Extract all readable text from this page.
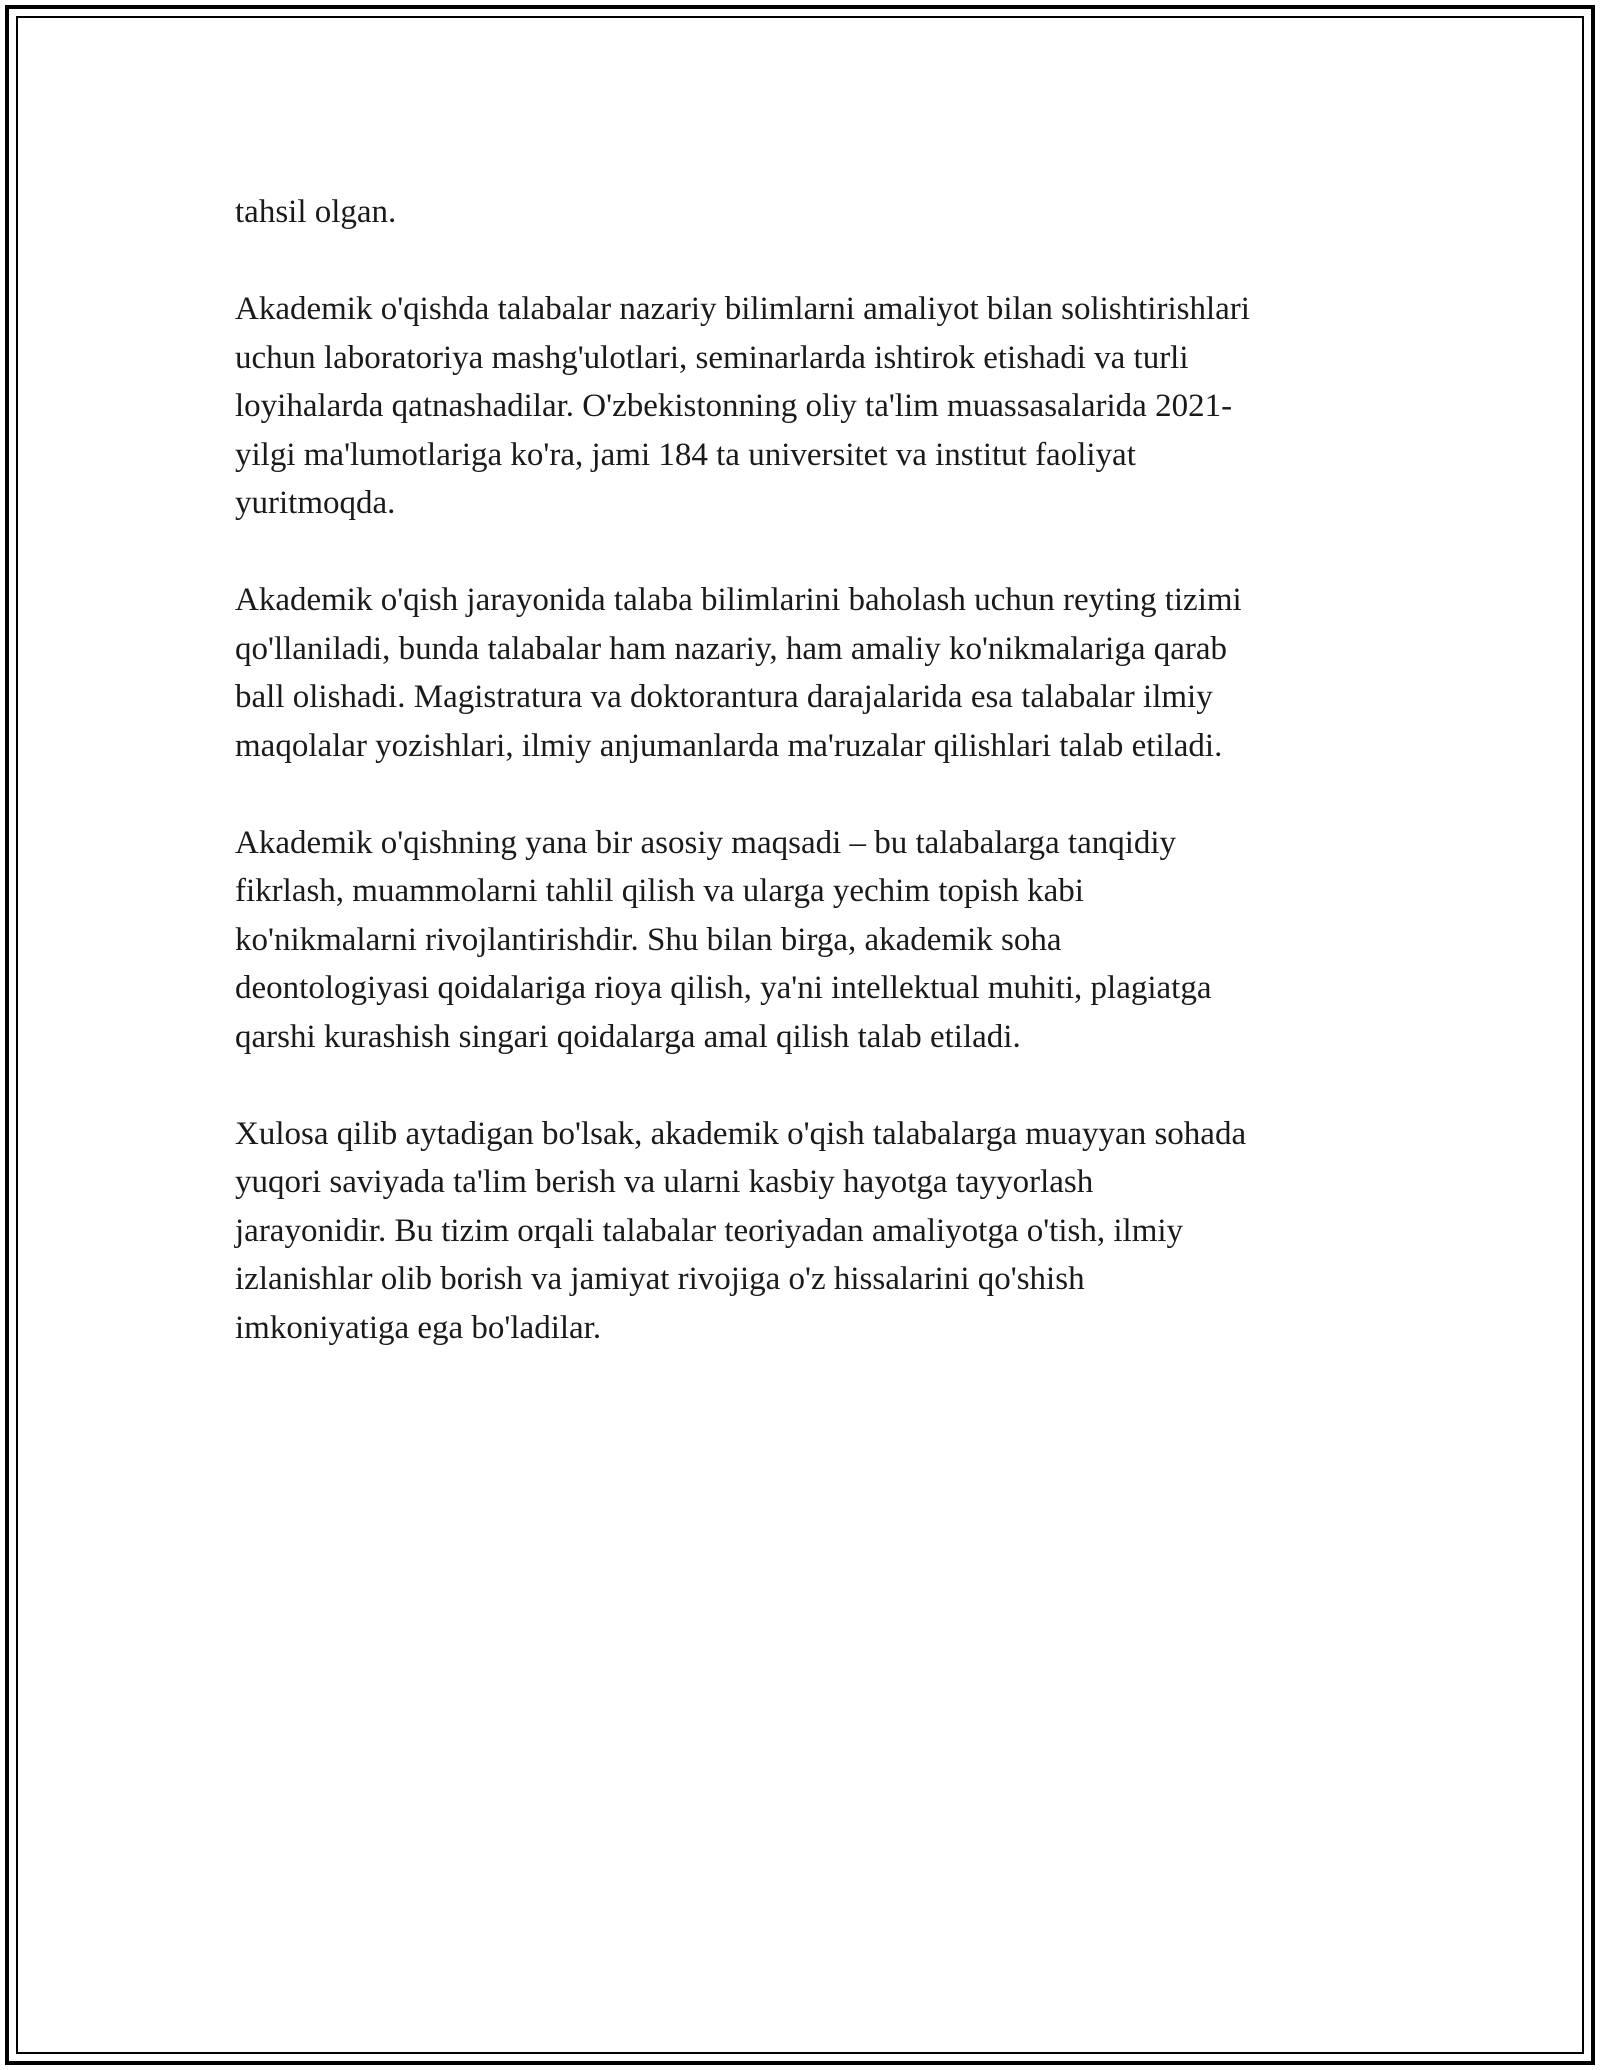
tahsil olgan.

Akademik o'qishda talabalar nazariy bilimlarni amaliyot bilan solishtirishlari
uchun laboratoriya mashg'ulotlari, seminarlarda ishtirok etishadi va turli
loyihalarda qatnashadilar. O'zbekistonning oliy ta'lim muassasalarida 2021-
yilgi ma'lumotlariga ko'ra, jami 184 ta universitet va institut faoliyat
yuritmoqda.

Akademik o'qish jarayonida talaba bilimlarini baholash uchun reyting tizimi
qo'llaniladi, bunda talabalar ham nazariy, ham amaliy ko'nikmalariga qarab
ball olishadi. Magistratura va doktorantura darajalarida esa talabalar ilmiy
maqolalar yozishlari, ilmiy anjumanlarda ma'ruzalar qilishlari talab etiladi.

Akademik o'qishning yana bir asosiy maqsadi – bu talabalarga tanqidiy
fikrlash, muammolarni tahlil qilish va ularga yechim topish kabi
ko'nikmalarni rivojlantirishdir. Shu bilan birga, akademik soha
deontologiyasi qoidalariga rioya qilish, ya'ni intellektual muhiti, plagiatga
qarshi kurashish singari qoidalarga amal qilish talab etiladi.

Xulosa qilib aytadigan bo'lsak, akademik o'qish talabalarga muayyan sohada
yuqori saviyada ta'lim berish va ularni kasbiy hayotga tayyorlash
jarayonidir. Bu tizim orqali talabalar teoriyadan amaliyotga o'tish, ilmiy
izlanishlar olib borish va jamiyat rivojiga o'z hissalarini qo'shish
imkoniyatiga ega bo'ladilar.
